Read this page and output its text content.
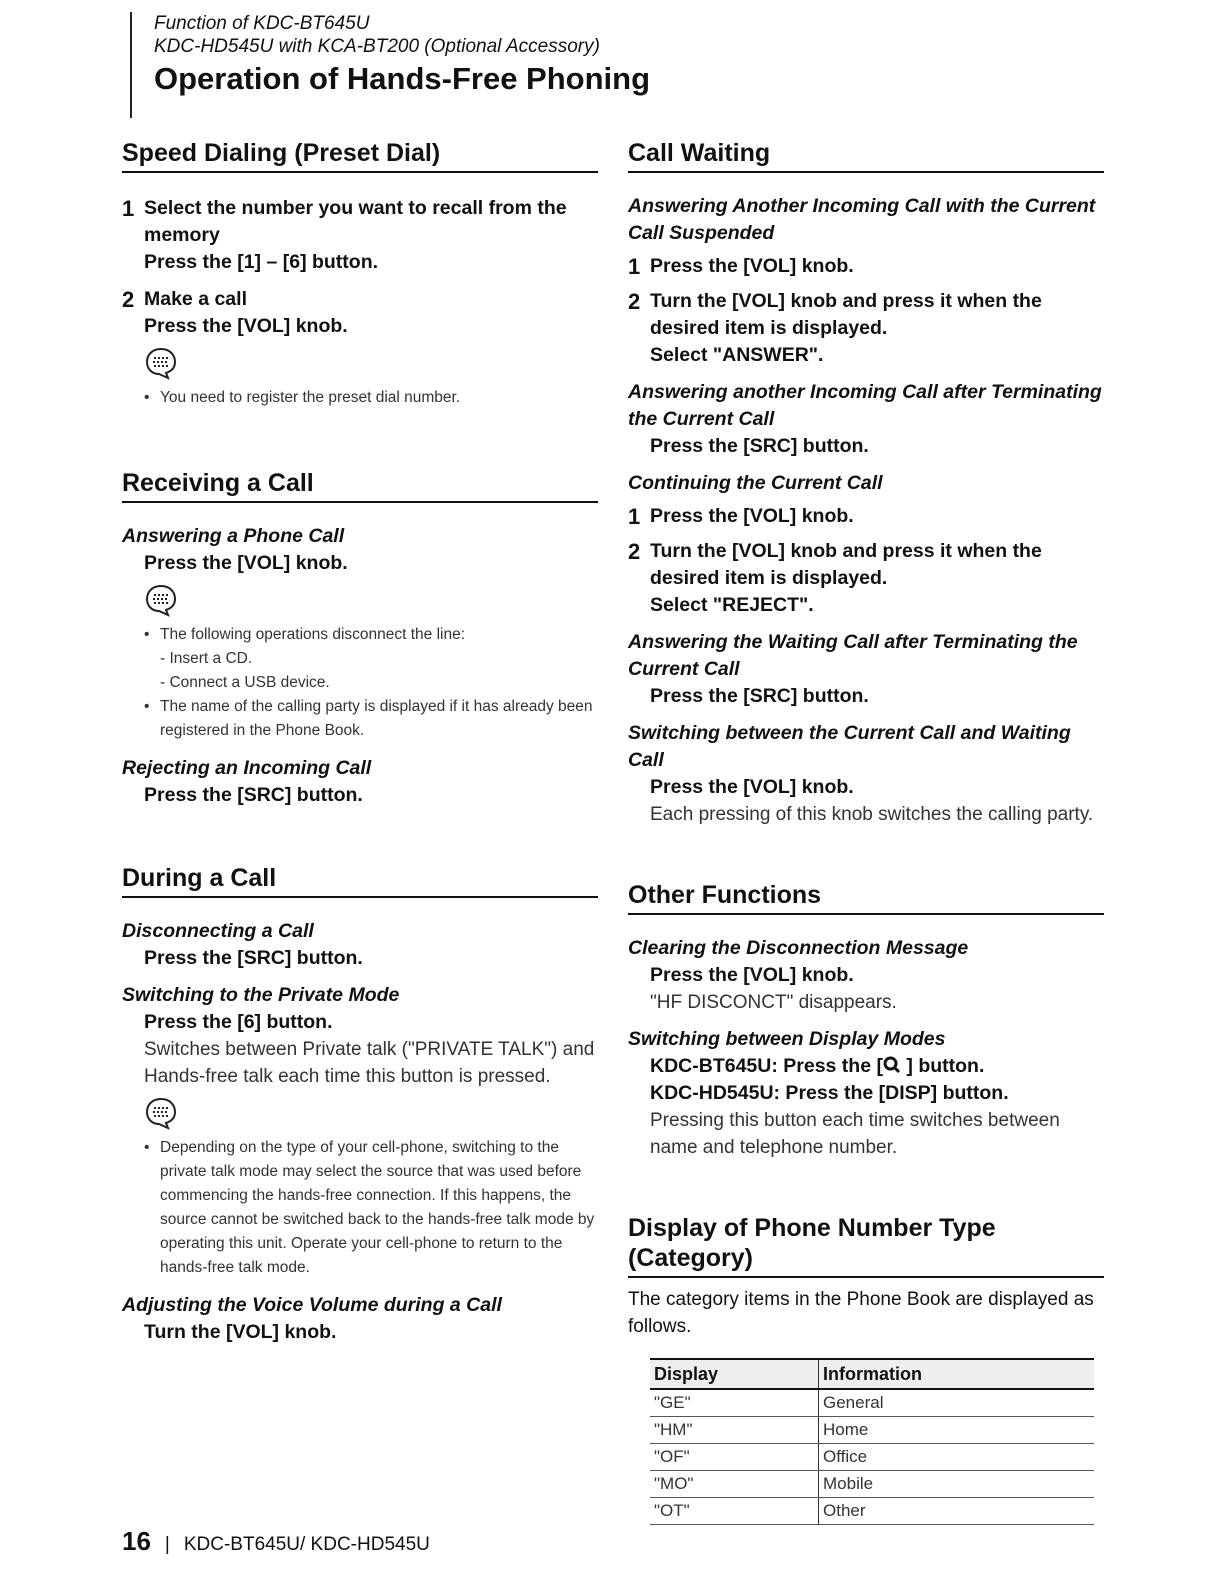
Function of KDC-BT645U
KDC-HD545U with KCA-BT200 (Optional Accessory)
Operation of Hands-Free Phoning
Speed Dialing (Preset Dial)
1 Select the number you want to recall from the memory
Press the [1] – [6] button.
2 Make a call
Press the [VOL] knob.
• You need to register the preset dial number.
Receiving a Call
Answering a Phone Call
Press the [VOL] knob.
• The following operations disconnect the line:
- Insert a CD.
- Connect a USB device.
• The name of the calling party is displayed if it has already been registered in the Phone Book.
Rejecting an Incoming Call
Press the [SRC] button.
During a Call
Disconnecting a Call
Press the [SRC] button.
Switching to the Private Mode
Press the [6] button.
Switches between Private talk ("PRIVATE TALK") and Hands-free talk each time this button is pressed.
• Depending on the type of your cell-phone, switching to the private talk mode may select the source that was used before commencing the hands-free connection. If this happens, the source cannot be switched back to the hands-free talk mode by operating this unit. Operate your cell-phone to return to the hands-free talk mode.
Adjusting the Voice Volume during a Call
Turn the [VOL] knob.
Call Waiting
Answering Another Incoming Call with the Current Call Suspended
1 Press the [VOL] knob.
2 Turn the [VOL] knob and press it when the desired item is displayed.
Select "ANSWER".
Answering another Incoming Call after Terminating the Current Call
Press the [SRC] button.
Continuing the Current Call
1 Press the [VOL] knob.
2 Turn the [VOL] knob and press it when the desired item is displayed.
Select "REJECT".
Answering the Waiting Call after Terminating the Current Call
Press the [SRC] button.
Switching between the Current Call and Waiting Call
Press the [VOL] knob.
Each pressing of this knob switches the calling party.
Other Functions
Clearing the Disconnection Message
Press the [VOL] knob.
"HF DISCONCT" disappears.
Switching between Display Modes
KDC-BT645U: Press the [ ] button.
KDC-HD545U: Press the [DISP] button.
Pressing this button each time switches between name and telephone number.
Display of Phone Number Type (Category)
The category items in the Phone Book are displayed as follows.
Display	Information
"GE"	General
"HM"	Home
"OF"	Office
"MO"	Mobile
"OT"	Other
16 | KDC-BT645U/ KDC-HD545U
